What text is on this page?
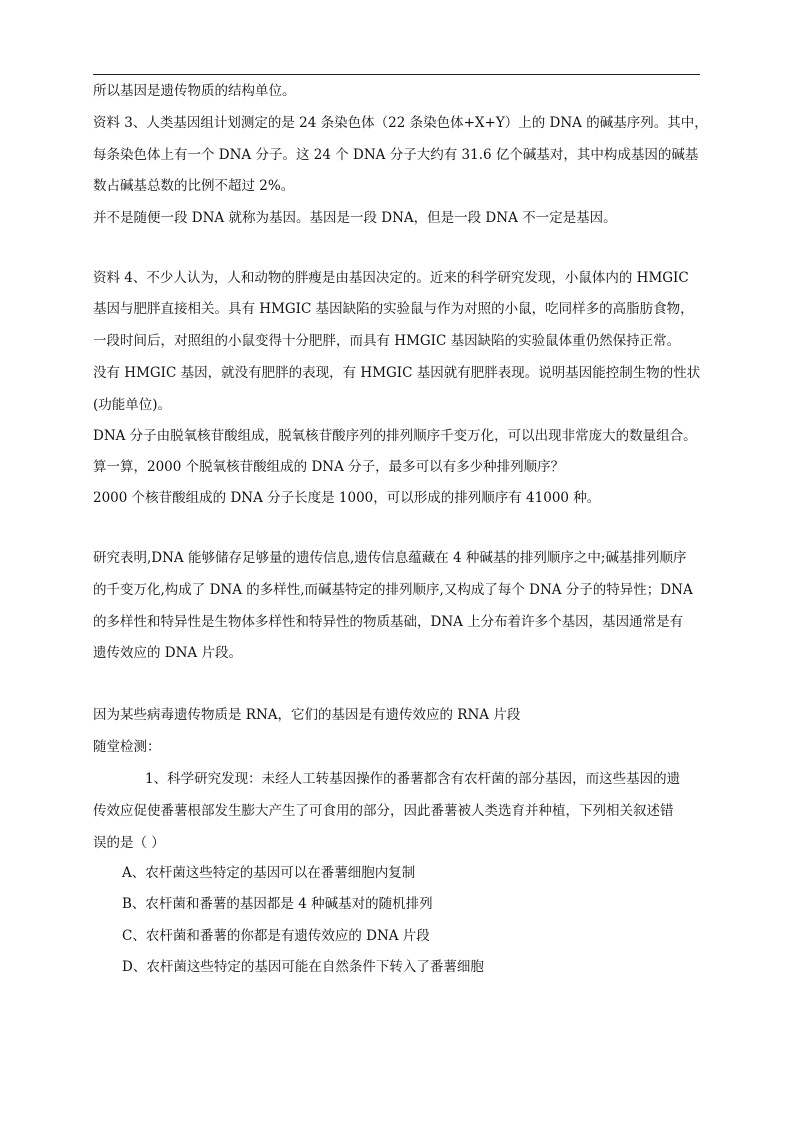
所以基因是遗传物质的结构单位。
资料 3、人类基因组计划测定的是 24 条染色体（22 条染色体+X+Y）上的 DNA 的碱基序列。其中，
每条染色体上有一个 DNA 分子。这 24 个 DNA 分子大约有 31.6 亿个碱基对，其中构成基因的碱基
数占碱基总数的比例不超过 2%。
并不是随便一段 DNA 就称为基因。基因是一段 DNA，但是一段 DNA 不一定是基因。
资料 4、不少人认为，人和动物的胖瘦是由基因决定的。近来的科学研究发现，小鼠体内的 HMGIC
基因与肥胖直接相关。具有 HMGIC 基因缺陷的实验鼠与作为对照的小鼠，吃同样多的高脂肪食物，
一段时间后，对照组的小鼠变得十分肥胖，而具有 HMGIC 基因缺陷的实验鼠体重仍然保持正常。
没有 HMGIC 基因，就没有肥胖的表现，有 HMGIC 基因就有肥胖表现。说明基因能控制生物的性状
(功能单位)。
DNA 分子由脱氧核苷酸组成，脱氧核苷酸序列的排列顺序千变万化，可以出现非常庞大的数量组合。
算一算，2000 个脱氧核苷酸组成的 DNA 分子，最多可以有多少种排列顺序？
2000 个核苷酸组成的 DNA 分子长度是 1000，可以形成的排列顺序有 41000 种。
研究表明,DNA 能够储存足够量的遗传信息,遗传信息蕴藏在 4 种碱基的排列顺序之中;碱基排列顺序
的千变万化,构成了 DNA 的多样性,而碱基特定的排列顺序,又构成了每个 DNA 分子的特异性；DNA
的多样性和特异性是生物体多样性和特异性的物质基础，DNA 上分布着许多个基因，基因通常是有
遗传效应的 DNA 片段。
因为某些病毒遗传物质是 RNA，它们的基因是有遗传效应的 RNA 片段
随堂检测：
1、科学研究发现：未经人工转基因操作的番薯都含有农杆菌的部分基因，而这些基因的遗
传效应促使番薯根部发生膨大产生了可食用的部分，因此番薯被人类选育并种植，下列相关叙述错
误的是（ ）
A、农杆菌这些特定的基因可以在番薯细胞内复制
B、农杆菌和番薯的基因都是 4 种碱基对的随机排列
C、农杆菌和番薯的你都是有遗传效应的 DNA 片段
D、农杆菌这些特定的基因可能在自然条件下转入了番薯细胞
